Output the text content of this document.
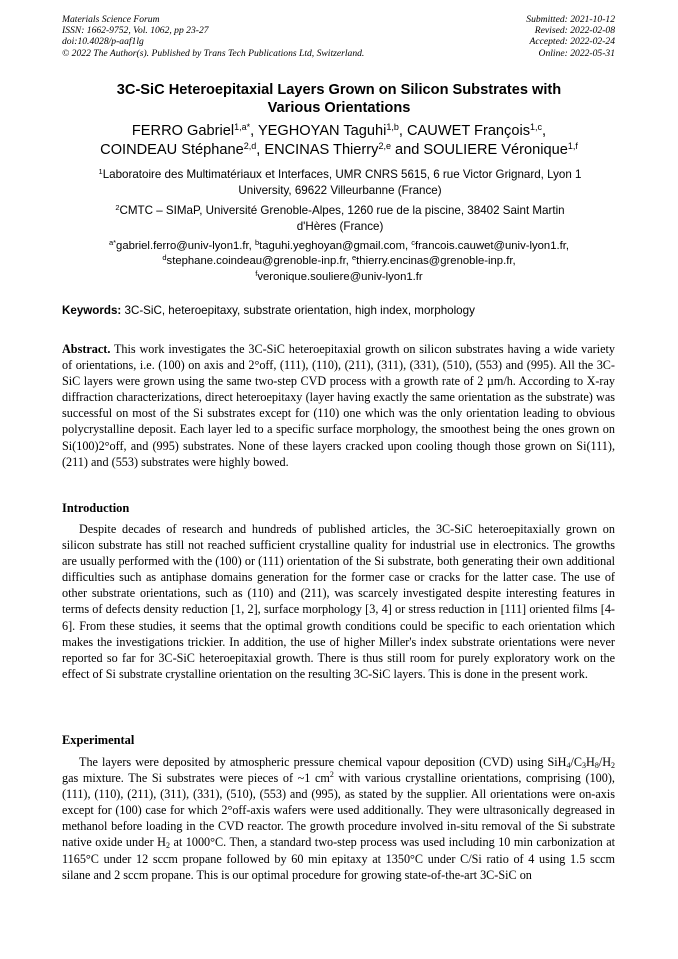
Materials Science Forum
ISSN: 1662-9752, Vol. 1062, pp 23-27
doi:10.4028/p-aaf1lg
© 2022 The Author(s). Published by Trans Tech Publications Ltd, Switzerland.
Submitted: 2021-10-12
Revised: 2022-02-08
Accepted: 2022-02-24
Online: 2022-05-31
3C-SiC Heteroepitaxial Layers Grown on Silicon Substrates with
Various Orientations
FERRO Gabriel$^{1,a*}$, YEGHOYAN Taguhi$^{1,b}$, CAUWET François$^{1,c}$,
COINDEAU Stéphane$^{2,d}$, ENCINAS Thierry$^{2,e}$ and SOULIERE Véronique$^{1,f}$
$^1$Laboratoire des Multimatériaux et Interfaces, UMR CNRS 5615, 6 rue Victor Grignard, Lyon 1
University, 69622 Villeurbanne (France)
$^2$CMTC – SIMaP, Université Grenoble-Alpes, 1260 rue de la piscine, 38402 Saint Martin
d'Hères (France)
$^{a*}$gabriel.ferro@univ-lyon1.fr, $^b$taguhi.yeghoyan@gmail.com, $^c$francois.cauwet@univ-lyon1.fr,
$^d$stephane.coindeau@grenoble-inp.fr, $^e$thierry.encinas@grenoble-inp.fr,
$^f$veronique.souliere@univ-lyon1.fr
Keywords: 3C-SiC, heteroepitaxy, substrate orientation, high index, morphology
Abstract. This work investigates the 3C-SiC heteroepitaxial growth on silicon substrates having a wide variety of orientations, i.e. (100) on axis and 2°off, (111), (110), (211), (311), (331), (510), (553) and (995). All the 3C-SiC layers were grown using the same two-step CVD process with a growth rate of 2 µm/h. According to X-ray diffraction characterizations, direct heteroepitaxy (layer having exactly the same orientation as the substrate) was successful on most of the Si substrates except for (110) one which was the only orientation leading to obvious polycrystalline deposit. Each layer led to a specific surface morphology, the smoothest being the ones grown on Si(100)2°off, and (995) substrates. None of these layers cracked upon cooling though those grown on Si(111), (211) and (553) substrates were highly bowed.
Introduction
Despite decades of research and hundreds of published articles, the 3C-SiC heteroepitaxially grown on silicon substrate has still not reached sufficient crystalline quality for industrial use in electronics. The growths are usually performed with the (100) or (111) orientation of the Si substrate, both generating their own additional difficulties such as antiphase domains generation for the former case or cracks for the latter case. The use of other substrate orientations, such as (110) and (211), was scarcely investigated despite interesting features in terms of defects density reduction [1, 2], surface morphology [3, 4] or stress reduction in [111] oriented films [4-6]. From these studies, it seems that the optimal growth conditions could be specific to each orientation which makes the investigations trickier. In addition, the use of higher Miller's index substrate orientations were never reported so far for 3C-SiC heteroepitaxial growth. There is thus still room for purely exploratory work on the effect of Si substrate crystalline orientation on the resulting 3C-SiC layers. This is done in the present work.
Experimental
The layers were deposited by atmospheric pressure chemical vapour deposition (CVD) using $SiH_4/C_3H_8/H_2$ gas mixture. The Si substrates were pieces of ~1 $cm^2$ with various crystalline orientations, comprising (100), (111), (110), (211), (311), (331), (510), (553) and (995), as stated by the supplier. All orientations were on-axis except for (100) case for which 2°off-axis wafers were used additionally. They were ultrasonically degreased in methanol before loading in the CVD reactor. The growth procedure involved in-situ removal of the Si substrate native oxide under $H_2$ at 1000°C. Then, a standard two-step process was used including 10 min carbonization at 1165°C under 12 sccm propane followed by 60 min epitaxy at 1350°C under C/Si ratio of 4 using 1.5 sccm silane and 2 sccm propane. This is our optimal procedure for growing state-of-the-art 3C-SiC on
